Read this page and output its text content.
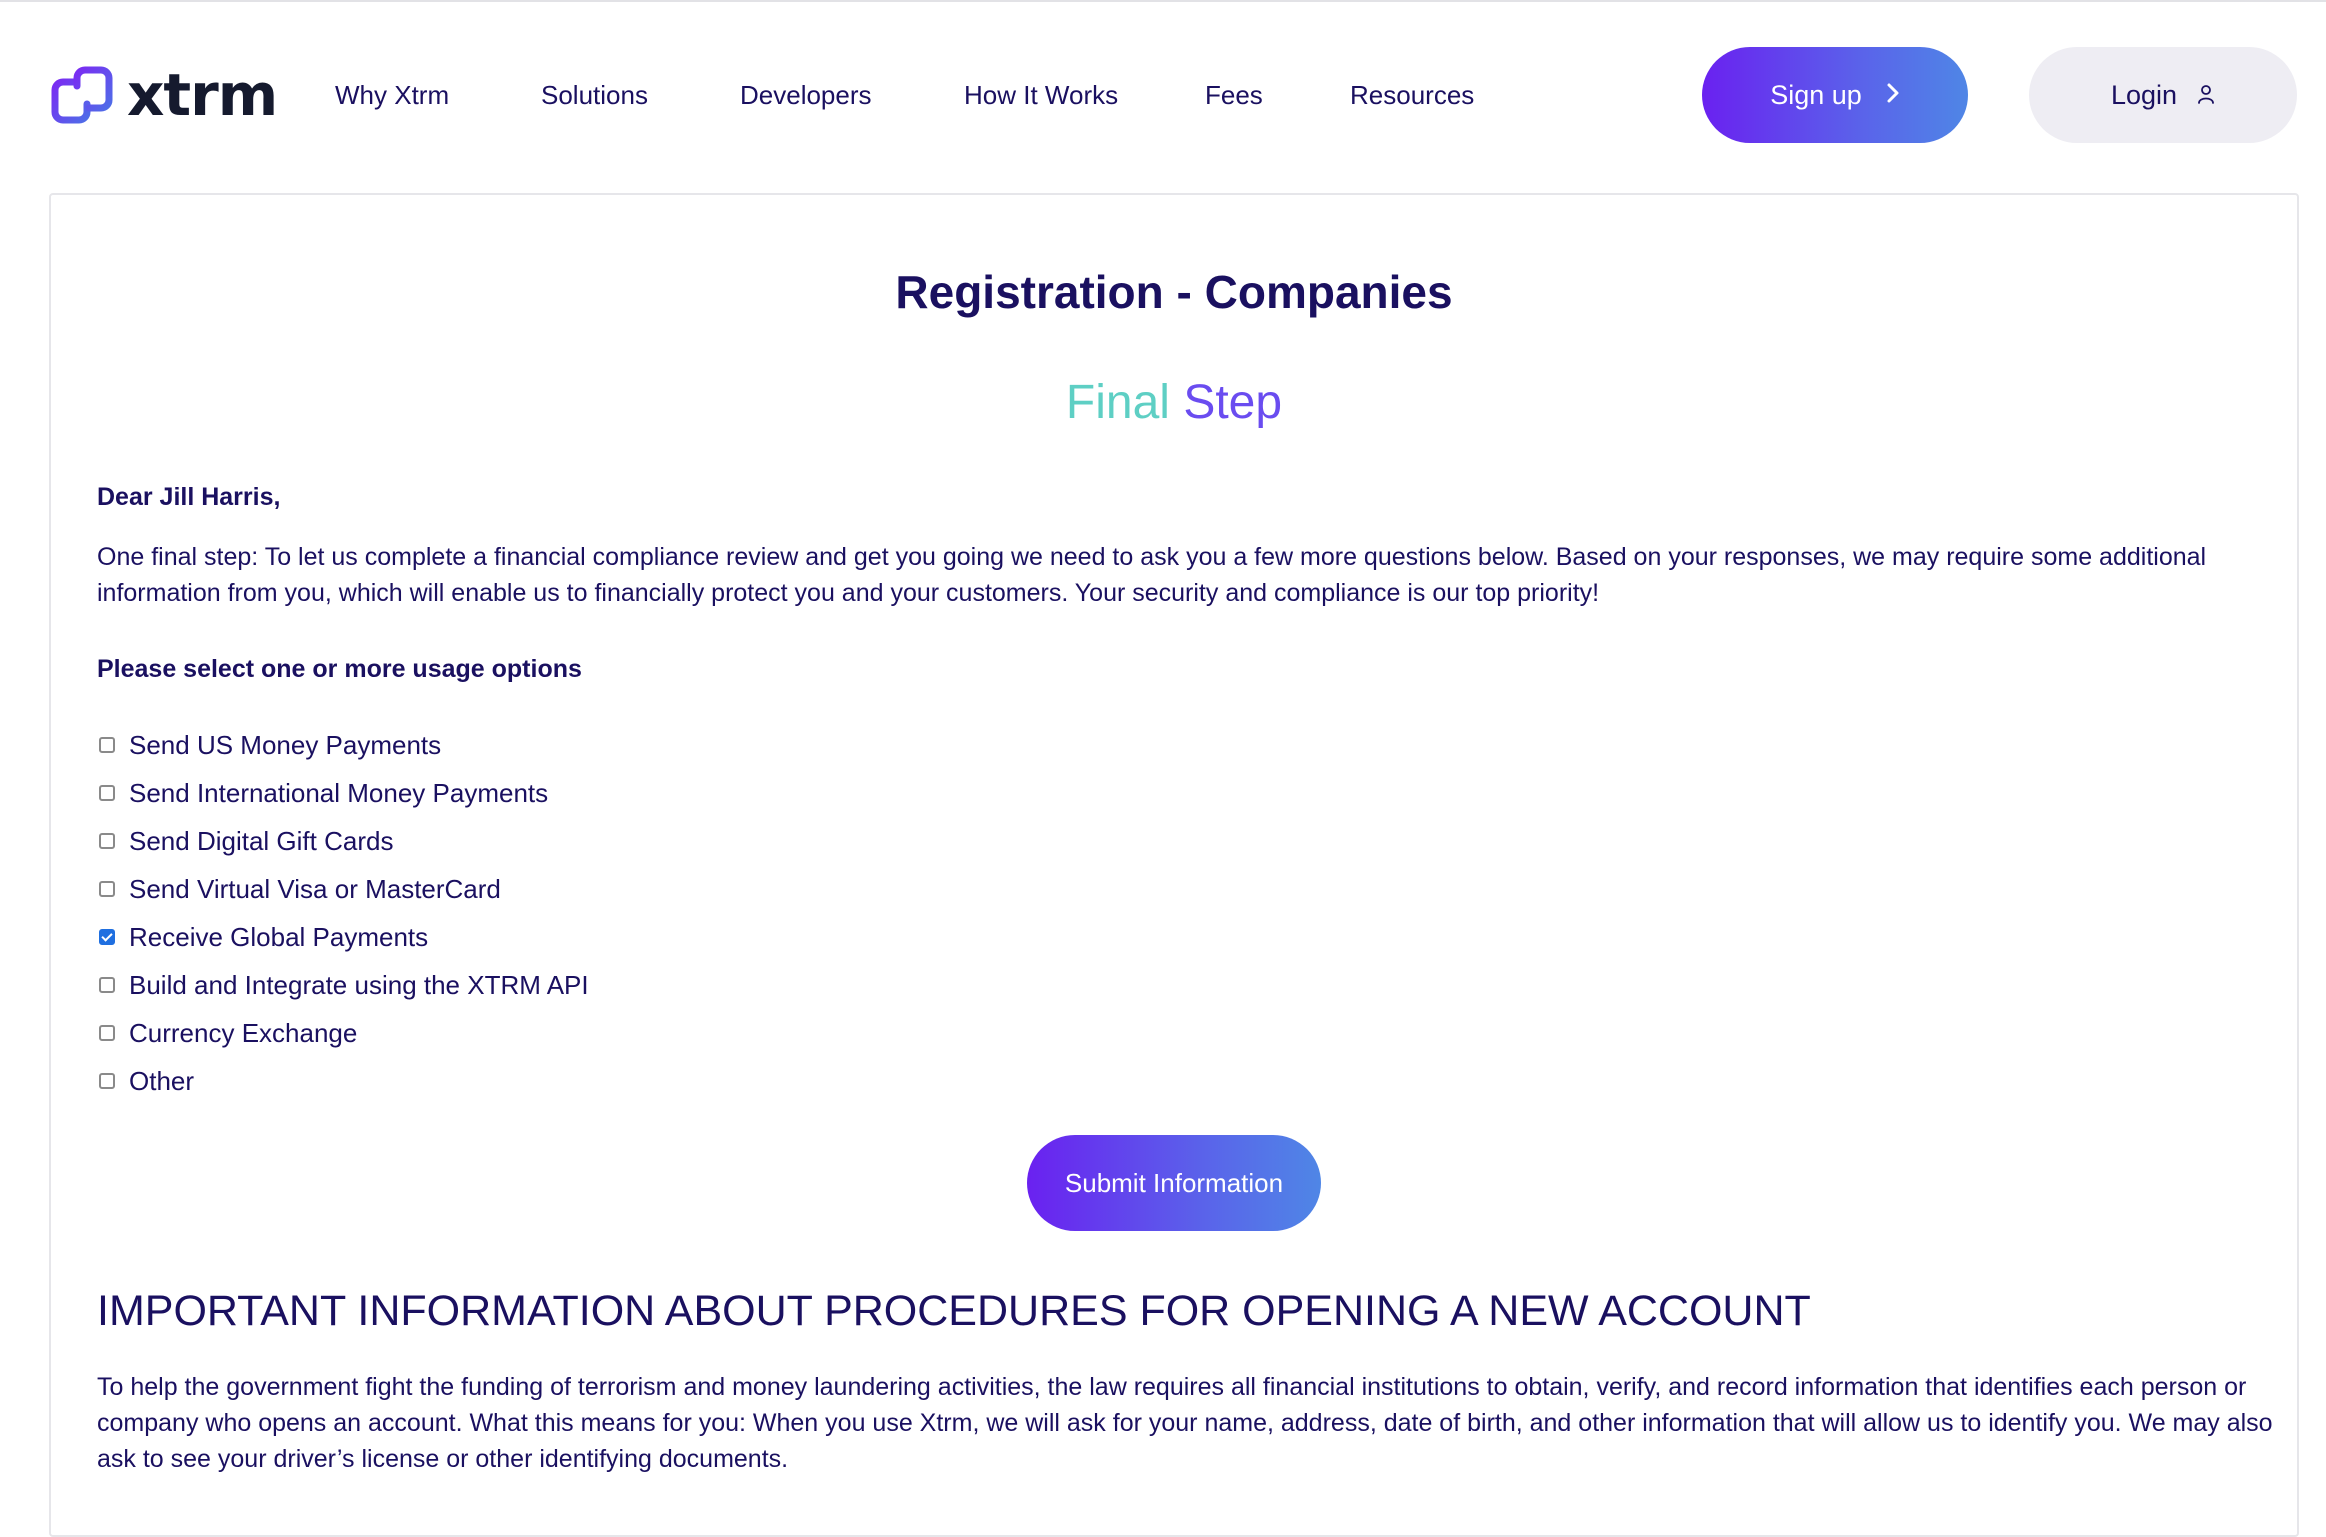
xtrm Why Xtrm	Solutions	Developers	How It Works	Fees	Resources	Sign up	Login
Registration - Companies
Final Step
Dear Jill Harris,
One final step: To let us complete a financial compliance review and get you going we need to ask you a few more questions below. Based on your responses, we may require some additional information from you, which will enable us to financially protect you and your customers. Your security and compliance is our top priority!
Please select one or more usage options
Send US Money Payments
Send International Money Payments
Send Digital Gift Cards
Send Virtual Visa or MasterCard
Receive Global Payments
Build and Integrate using the XTRM API
Currency Exchange
Other
Submit Information
IMPORTANT INFORMATION ABOUT PROCEDURES FOR OPENING A NEW ACCOUNT
To help the government fight the funding of terrorism and money laundering activities, the law requires all financial institutions to obtain, verify, and record information that identifies each person or company who opens an account. What this means for you: When you use Xtrm, we will ask for your name, address, date of birth, and other information that will allow us to identify you. We may also ask to see your driver’s license or other identifying documents.
